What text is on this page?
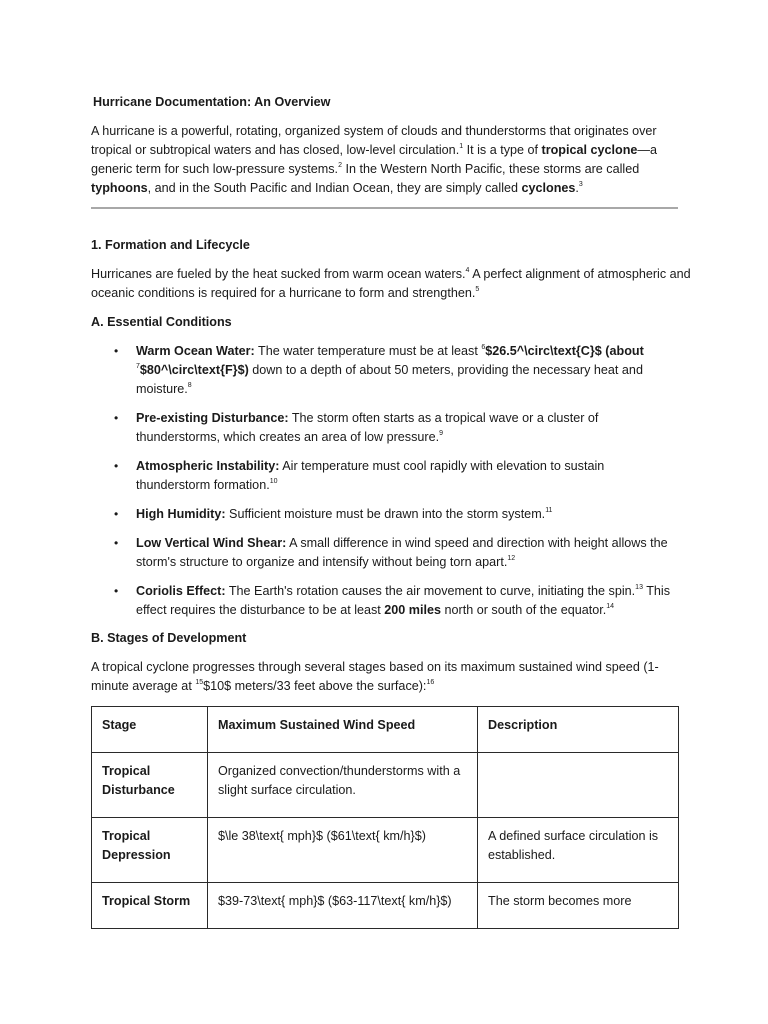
Hurricane Documentation: An Overview

A hurricane is a powerful, rotating, organized system of clouds and thunderstorms that originates over tropical or subtropical waters and has closed, low-level circulation.$^1$ It is a type of tropical cyclone—a generic term for such low-pressure systems.$^2$ In the Western North Pacific, these storms are called typhoons, and in the South Pacific and Indian Ocean, they are simply called cyclones.$^3$

1. Formation and Lifecycle

Hurricanes are fueled by the heat sucked from warm ocean waters.$^4$ A perfect alignment of atmospheric and oceanic conditions is required for a hurricane to form and strengthen.$^5$

A. Essential Conditions
• Warm Ocean Water: The water temperature must be at least $^6$\$26.5^\circ\text{C}$ (about
$^7$\$80^\circ\text{F}$) down to a depth of about 50 meters, providing the necessary heat and moisture.$^8$
• Pre-existing Disturbance: The storm often starts as a tropical wave or a cluster of thunderstorms, which creates an area of low pressure.$^9$
• Atmospheric Instability: Air temperature must cool rapidly with elevation to sustain thunderstorm formation.$^{10}$
• High Humidity: Sufficient moisture must be drawn into the storm system.$^{11}$
• Low Vertical Wind Shear: A small difference in wind speed and direction with height allows the storm's structure to organize and intensify without being torn apart.$^{12}$
• Coriolis Effect: The Earth's rotation causes the air movement to curve, initiating the spin.$^{13}$ This effect requires the disturbance to be at least 200 miles north or south of the equator.$^{14}$
B. Stages of Development

A tropical cyclone progresses through several stages based on its maximum sustained wind speed (1-minute average at $^{15}$\$10$ meters/33 feet above the surface):$^{16}$

Stage	Maximum Sustained Wind Speed	Description
Tropical Disturbance	Organized convection/thunderstorms with a slight surface circulation.	
Tropical Depression	$\le 38\text{ mph}$ ($61\text{ km/h}$)	A defined surface circulation is established.
Tropical Storm	$39-73\text{ mph}$ ($63-117\text{ km/h}$)	The storm becomes more
